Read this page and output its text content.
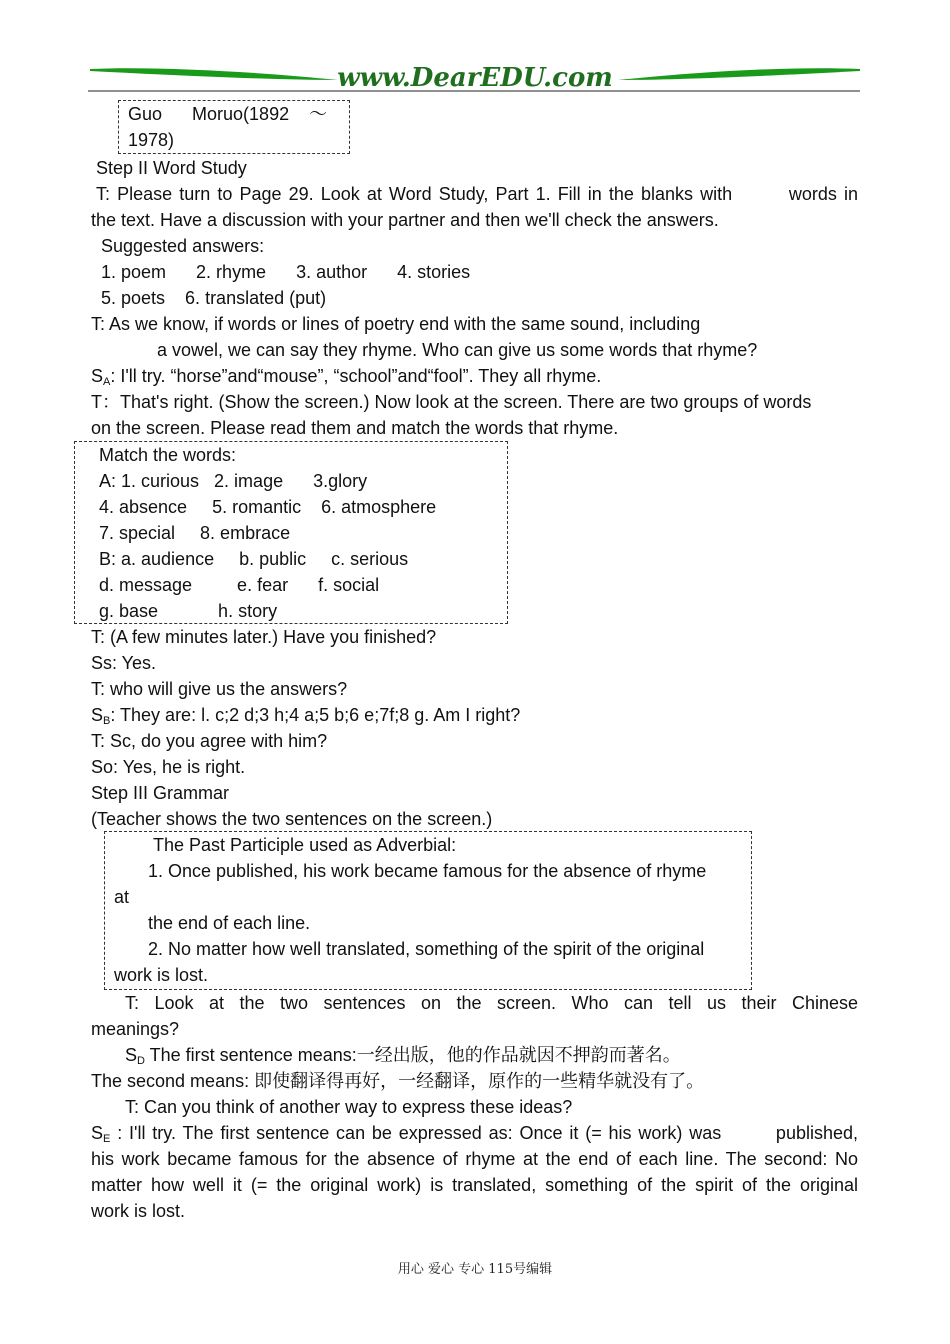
www.DearEDU.com
Guo      Moruo(1892    ～
1978)
Step II Word Study
T: Please turn to Page 29. Look at Word Study, Part 1. Fill in the blanks with        words in
the text. Have a discussion with your partner and then we'll check the answers.
Suggested answers:
1. poem      2. rhyme      3. author      4. stories
5. poets    6. translated (put)
T: As we know, if words or lines of poetry end with the same sound, including
a vowel, we can say they rhyme. Who can give us some words that rhyme?
$S_A$: I'll try. “horse”and“mouse”, “school”and“fool”. They all rhyme.
T：That's right. (Show the screen.) Now look at the screen. There are two groups of words
on the screen. Please read them and match the words that rhyme.
Match the words:
A: 1. curious   2. image      3.glory
4. absence     5. romantic    6. atmosphere
7. special     8. embrace
B: a. audience     b. public     c. serious
d. message         e. fear      f. social
g. base            h. story
T: (A few minutes later.) Have you finished?
Ss: Yes.
T: who will give us the answers?
$S_B$: They are: l. c;2 d;3 h;4 a;5 b;6 e;7f;8 g. Am I right?
T: Sc, do you agree with him?
So: Yes, he is right.
Step III Grammar
(Teacher shows the two sentences on the screen.)
The Past Participle used as Adverbial:
1. Once published, his work became famous for the absence of rhyme
at
the end of each line.
2. No matter how well translated, something of the spirit of the original
work is lost.
T: Look at the two sentences on the screen. Who can tell us their Chinese
meanings?
$S_D$ The first sentence means:一经出版，他的作品就因不押韵而著名。
The second means: 即使翻译得再好，一经翻译，原作的一些精华就没有了。
T: Can you think of another way to express these ideas?
$S_E$ : I'll try. The first sentence can be expressed as: Once it (= his work) was        published,
his work became famous for the absence of rhyme at the end of each line. The second: No
matter how well it (= the original work) is translated, something of the spirit of the original
work is lost.
用心 爱心 专心 115号编辑
